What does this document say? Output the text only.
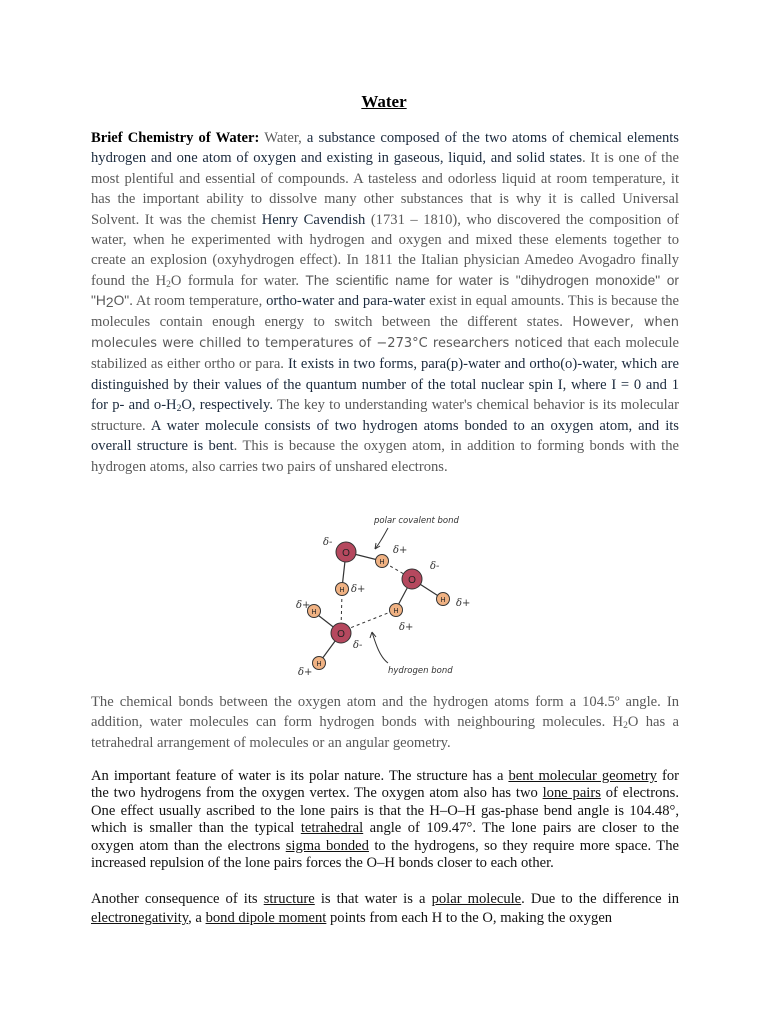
Water
Brief Chemistry of Water: Water, a substance composed of the two atoms of chemical elements hydrogen and one atom of oxygen and existing in gaseous, liquid, and solid states. It is one of the most plentiful and essential of compounds. A tasteless and odorless liquid at room temperature, it has the important ability to dissolve many other substances that is why it is called Universal Solvent. It was the chemist Henry Cavendish (1731 – 1810), who discovered the composition of water, when he experimented with hydrogen and oxygen and mixed these elements together to create an explosion (oxyhydrogen effect). In 1811 the Italian physician Amedeo Avogadro finally found the $H_2O$ formula for water. The scientific name for water is "dihydrogen monoxide" or "$H_2O$". At room temperature, ortho-water and para-water exist in equal amounts. This is because the molecules contain enough energy to switch between the different states. However, when molecules were chilled to temperatures of −273°C researchers noticed that each molecule stabilized as either ortho or para. It exists in two forms, para(p)-water and ortho(o)-water, which are distinguished by their values of the quantum number of the total nuclear spin I, where I = 0 and 1 for p- and $o-H_2O$, respectively. The key to understanding water's chemical behavior is its molecular structure. A water molecule consists of two hydrogen atoms bonded to an oxygen atom, and its overall structure is bent. This is because the oxygen atom, in addition to forming bonds with the hydrogen atoms, also carries two pairs of unshared electrons.
polar covalent bond
hydrogen bond
O
O
O
H
H
H
H
H
H
δ-
δ+
δ+
δ-
δ+
δ+
δ+
δ-
δ+
The chemical bonds between the oxygen atom and the hydrogen atoms form a 104.5º angle. In addition, water molecules can form hydrogen bonds with neighbouring molecules. $H_2O$ has a tetrahedral arrangement of molecules or an angular geometry.
An important feature of water is its polar nature. The structure has a bent molecular geometry for the two hydrogens from the oxygen vertex. The oxygen atom also has two lone pairs of electrons. One effect usually ascribed to the lone pairs is that the H–O–H gas-phase bend angle is 104.48°, which is smaller than the typical tetrahedral angle of 109.47°. The lone pairs are closer to the oxygen atom than the electrons sigma bonded to the hydrogens, so they require more space. The increased repulsion of the lone pairs forces the O–H bonds closer to each other.
Another consequence of its structure is that water is a polar molecule. Due to the difference in electronegativity, a bond dipole moment points from each H to the O, making the oxygen
